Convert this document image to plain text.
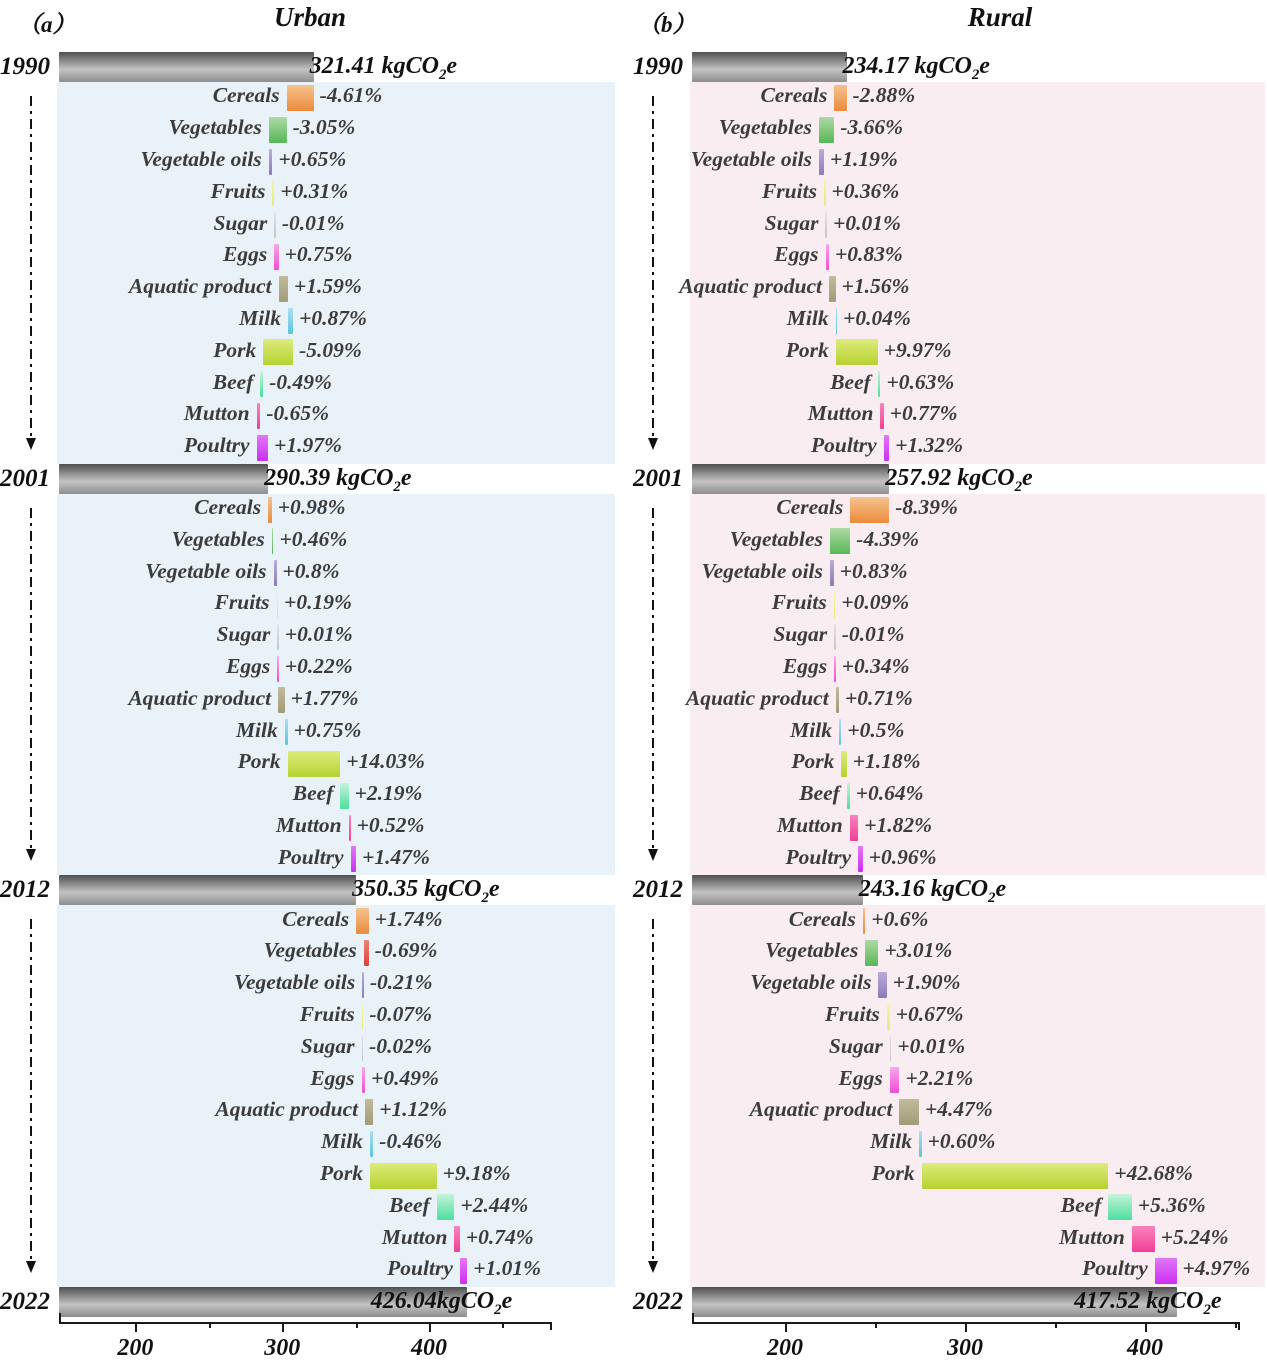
（a）	Urban	（b）	Rural
1990	321.41 kgCO$_2$e
2001	290.39 kgCO$_2$e
2012	350.35 kgCO$_2$e
2022	426.04kgCO$_2$e
Cereals -4.61%
Vegetables -3.05%
Vegetable oils +0.65%
Fruits +0.31%
Sugar -0.01%
Eggs +0.75%
Aquatic product +1.59%
Milk +0.87%
Pork -5.09%
Beef -0.49%
Mutton -0.65%
Poultry +1.97%
Cereals +0.98%
Vegetables +0.46%
Vegetable oils +0.8%
Fruits +0.19%
Sugar +0.01%
Eggs +0.22%
Aquatic product +1.77%
Milk +0.75%
Pork	+14.03%
Beef +2.19%
Mutton +0.52%
Poultry +1.47%
Cereals +1.74%
Vegetables -0.69%
Vegetable oils -0.21%
Fruits -0.07%
Sugar -0.02%
Eggs +0.49%
Aquatic product +1.12%
Milk -0.46%
Pork	+9.18%
Beef +2.44%
Mutton +0.74%
Poultry +1.01%
200	300	400
1990	234.17 kgCO$_2$e
2001	257.92 kgCO$_2$e
2012	243.16 kgCO$_2$e
2022	417.52 kgCO$_2$e
Cereals -2.88%
Vegetables -3.66%
Vegetable oils +1.19%
Fruits +0.36%
Sugar +0.01%
Eggs +0.83%
Aquatic product +1.56%
Milk +0.04%
Pork	+9.97%
Beef +0.63%
Mutton +0.77%
Poultry +1.32%
Cereals -8.39%
Vegetables -4.39%
Vegetable oils +0.83%
Fruits +0.09%
Sugar -0.01%
Eggs +0.34%
Aquatic product +0.71%
Milk +0.5%
Pork +1.18%
Beef +0.64%
Mutton +1.82%
Poultry +0.96%
Cereals +0.6%
Vegetables +3.01%
Vegetable oils +1.90%
Fruits +0.67%
Sugar +0.01%
Eggs +2.21%
Aquatic product +4.47%
Milk +0.60%
Pork	+42.68%
Beef +5.36%
Mutton +5.24%
Poultry +4.97%
200	300	400
